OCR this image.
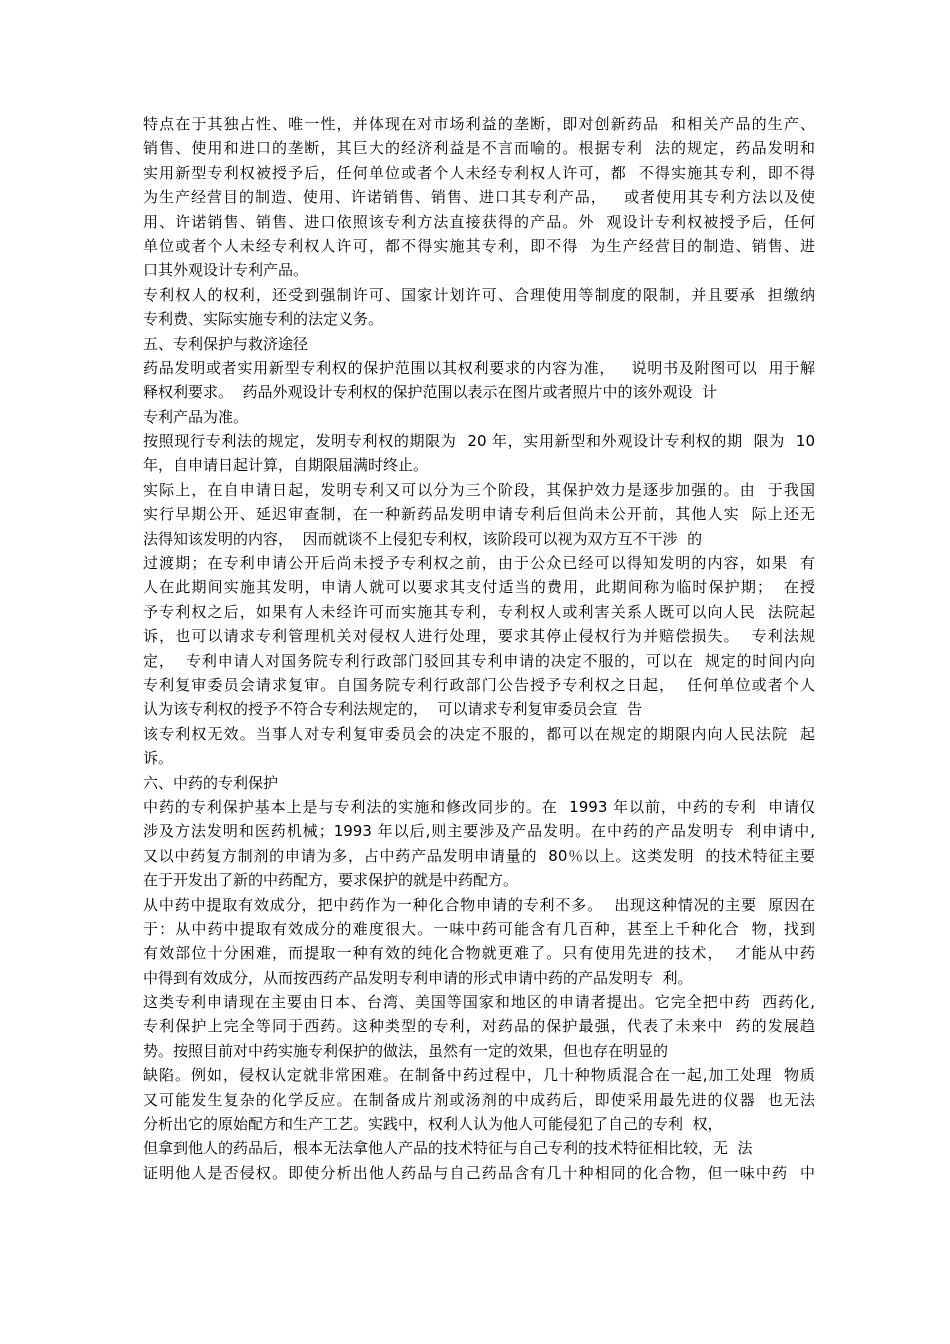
特点在于其独占性、唯一性，并体现在对市场利益的垄断，即对创新药品  和相关产品的生产、
销售、使用和进口的垄断，其巨大的经济利益是不言而喻的。根据专利  法的规定，药品发明和
实用新型专利权被授予后，任何单位或者个人未经专利权人许可，都  不得实施其专利，即不得
为生产经营目的制造、使用、许诺销售、销售、进口其专利产品，   或者使用其专利方法以及使
用、许诺销售、销售、进口依照该专利方法直接获得的产品。外  观设计专利权被授予后，任何
单位或者个人未经专利权人许可，都不得实施其专利，即不得  为生产经营目的制造、销售、进
口其外观设计专利产品。
专利权人的权利，还受到强制许可、国家计划许可、合理使用等制度的限制，并且要承  担缴纳
专利费、实际实施专利的法定义务。
五、专利保护与救济途径
药品发明或者实用新型专利权的保护范围以其权利要求的内容为准，   说明书及附图可以  用于解
释权利要求。  药品外观设计专利权的保护范围以表示在图片或者照片中的该外观设  计
专利产品为准。
按照现行专利法的规定，发明专利权的期限为  20 年，实用新型和外观设计专利权的期  限为  10
年，自申请日起计算，自期限届满时终止。
实际上，在自申请日起，发明专利又可以分为三个阶段，其保护效力是逐步加强的。由  于我国
实行早期公开、延迟审查制，在一种新药品发明申请专利后但尚未公开前，其他人实  际上还无
法得知该发明的内容，  因而就谈不上侵犯专利权，该阶段可以视为双方互不干涉  的
过渡期；在专利申请公开后尚未授予专利权之前，由于公众已经可以得知发明的内容，如果  有
人在此期间实施其发明，申请人就可以要求其支付适当的费用，此期间称为临时保护期；  在授
予专利权之后，如果有人未经许可而实施其专利，专利权人或利害关系人既可以向人民  法院起
诉，也可以请求专利管理机关对侵权人进行处理，要求其停止侵权行为并赔偿损失。  专利法规
定，  专利申请人对国务院专利行政部门驳回其专利申请的决定不服的，可以在  规定的时间内向
专利复审委员会请求复审。自国务院专利行政部门公告授予专利权之日起，  任何单位或者个人
认为该专利权的授予不符合专利法规定的，  可以请求专利复审委员会宣  告
该专利权无效。当事人对专利复审委员会的决定不服的，都可以在规定的期限内向人民法院  起
诉。
六、中药的专利保护
中药的专利保护基本上是与专利法的实施和修改同步的。在  1993 年以前，中药的专利  申请仅
涉及方法发明和医药机械；1993 年以后,则主要涉及产品发明。在中药的产品发明专  利申请中,
又以中药复方制剂的申请为多，占中药产品发明申请量的  80％以上。这类发明  的技术特征主要
在于开发出了新的中药配方，要求保护的就是中药配方。
从中药中提取有效成分，把中药作为一种化合物申请的专利不多。  出现这种情况的主要  原因在
于：从中药中提取有效成分的难度很大。一味中药可能含有几百种，甚至上千种化合  物，找到
有效部位十分困难，而提取一种有效的纯化合物就更难了。只有使用先进的技术，  才能从中药
中得到有效成分，从而按西药产品发明专利申请的形式申请中药的产品发明专  利。
这类专利申请现在主要由日本、台湾、美国等国家和地区的申请者提出。它完全把中药  西药化,
专利保护上完全等同于西药。这种类型的专利，对药品的保护最强，代表了未来中  药的发展趋
势。按照目前对中药实施专利保护的做法，虽然有一定的效果，但也存在明显的
缺陷。例如，侵权认定就非常困难。在制备中药过程中，几十种物质混合在一起,加工处理  物质
又可能发生复杂的化学反应。在制备成片剂或汤剂的中成药后，即使采用最先进的仪器  也无法
分析出它的原始配方和生产工艺。实践中，权利人认为他人可能侵犯了自己的专利  权，
但拿到他人的药品后，根本无法拿他人产品的技术特征与自己专利的技术特征相比较，无  法
证明他人是否侵权。即使分析出他人药品与自己药品含有几十种相同的化合物，但一味中药  中
